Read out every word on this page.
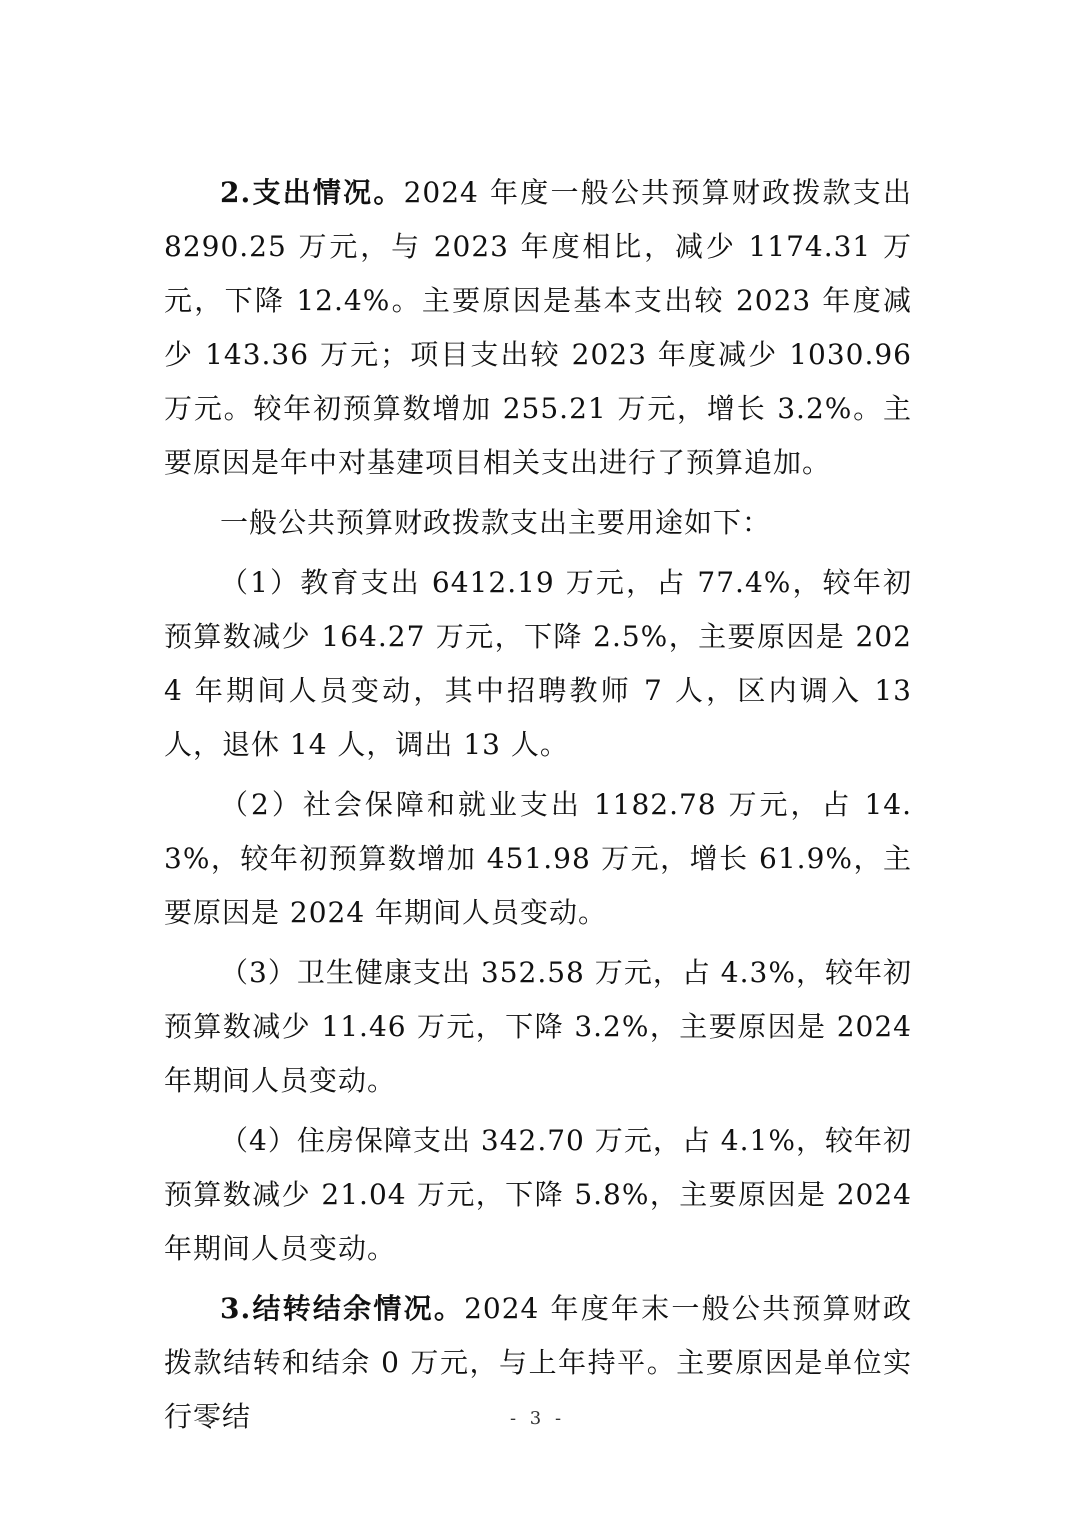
2.支出情况。2024 年度一般公共预算财政拨款支出 8290.25 万元，与 2023 年度相比，减少 1174.31 万元，下降 12.4%。主要原因是基本支出较 2023 年度减少 143.36 万元；项目支出较 2023 年度减少 1030.96 万元。较年初预算数增加 255.21 万元，增长 3.2%。主要原因是年中对基建项目相关支出进行了预算追加。

一般公共预算财政拨款支出主要用途如下：

（1）教育支出 6412.19 万元，占 77.4%，较年初预算数减少 164.27 万元，下降 2.5%，主要原因是 2024 年期间人员变动，其中招聘教师 7 人，区内调入 13 人，退休 14 人，调出 13 人。

（2）社会保障和就业支出 1182.78 万元，占 14.3%，较年初预算数增加 451.98 万元，增长 61.9%，主要原因是 2024 年期间人员变动。

（3）卫生健康支出 352.58 万元，占 4.3%，较年初预算数减少 11.46 万元，下降 3.2%，主要原因是 2024 年期间人员变动。

（4）住房保障支出 342.70 万元，占 4.1%，较年初预算数减少 21.04 万元，下降 5.8%，主要原因是 2024 年期间人员变动。

3.结转结余情况。2024 年度年末一般公共预算财政拨款结转和结余 0 万元，与上年持平。主要原因是单位实行零结	- 3 -
